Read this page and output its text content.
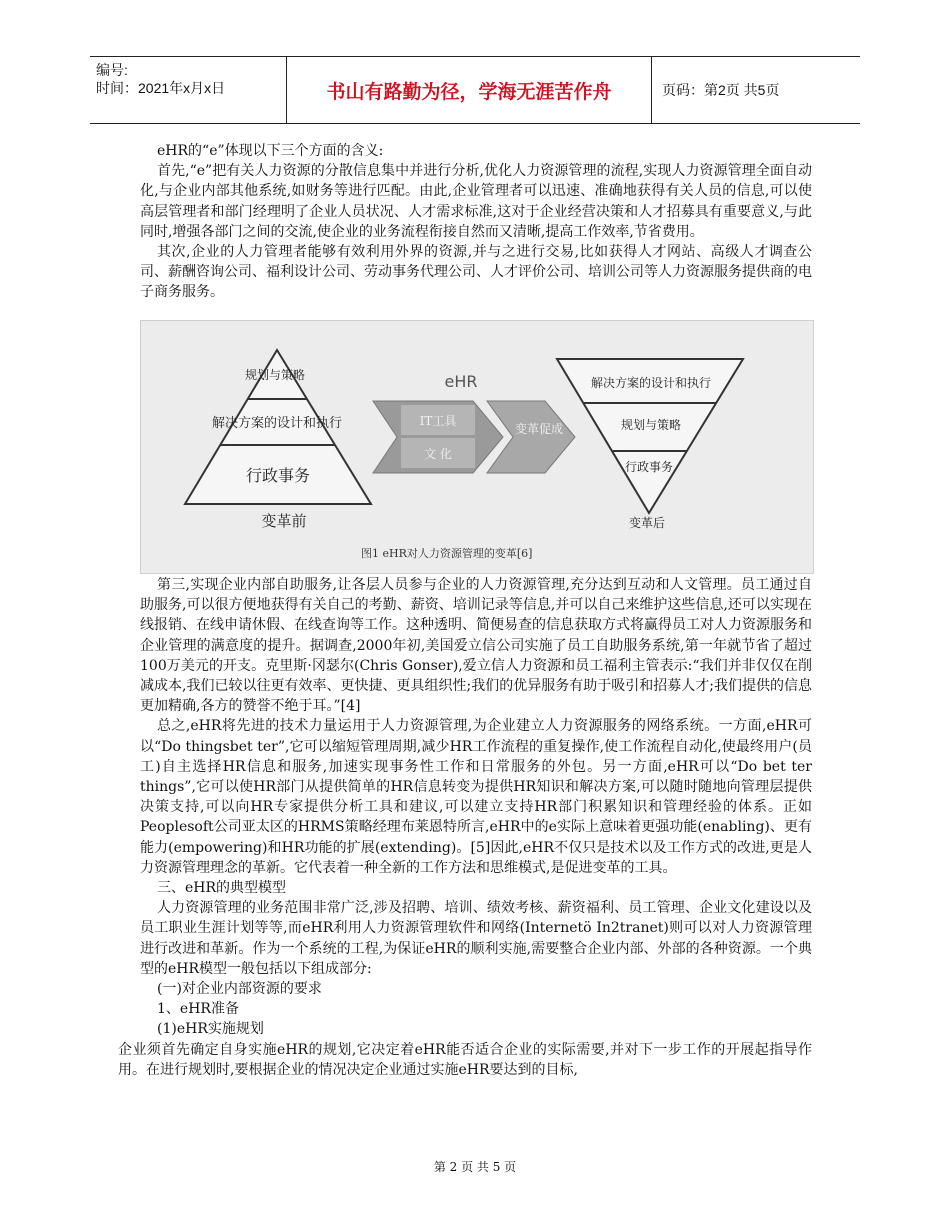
编号:
时间：2021年x月x日	书山有路勤为径，学海无涯苦作舟	页码：第2页 共5页

eHR的“e”体现以下三个方面的含义:

首先,“e”把有关人力资源的分散信息集中并进行分析,优化人力资源管理的流程,实现人力资源管理全面自动化,与企业内部其他系统,如财务等进行匹配。由此,企业管理者可以迅速、准确地获得有关人员的信息,可以使高层管理者和部门经理明了企业人员状况、人才需求标准,这对于企业经营决策和人才招募具有重要意义,与此同时,增强各部门之间的交流,使企业的业务流程衔接自然而又清晰,提高工作效率,节省费用。

其次,企业的人力管理者能够有效利用外界的资源,并与之进行交易,比如获得人才网站、高级人才调查公司、薪酬咨询公司、福利设计公司、劳动事务代理公司、人才评价公司、培训公司等人力资源服务提供商的电子商务服务。

规划与策略
解决方案的设计和执行
行政事务
变革前
eHR
IT工具
文 化
变革促成
解决方案的设计和执行
规划与策略
行政事务
变革后
图1 eHR对人力资源管理的变革[6]

第三,实现企业内部自助服务,让各层人员参与企业的人力资源管理,充分达到互动和人文管理。员工通过自助服务,可以很方便地获得有关自己的考勤、薪资、培训记录等信息,并可以自己来维护这些信息,还可以实现在线报销、在线申请休假、在线查询等工作。这种透明、简便易查的信息获取方式将赢得员工对人力资源服务和企业管理的满意度的提升。据调查,2000年初,美国爱立信公司实施了员工自助服务系统,第一年就节省了超过100万美元的开支。克里斯·冈瑟尔(Chris Gonser),爱立信人力资源和员工福利主管表示:“我们并非仅仅在削减成本,我们已较以往更有效率、更快捷、更具组织性;我们的优异服务有助于吸引和招募人才;我们提供的信息更加精确,各方的赞誉不绝于耳。”[4]

总之,eHR将先进的技术力量运用于人力资源管理,为企业建立人力资源服务的网络系统。一方面,eHR可以“Do thingsbet ter”,它可以缩短管理周期,减少HR工作流程的重复操作,使工作流程自动化,使最终用户(员工)自主选择HR信息和服务,加速实现事务性工作和日常服务的外包。另一方面,eHR可以“Do bet ter things”,它可以使HR部门从提供简单的HR信息转变为提供HR知识和解决方案,可以随时随地向管理层提供决策支持,可以向HR专家提供分析工具和建议,可以建立支持HR部门积累知识和管理经验的体系。正如Peoplesoft公司亚太区的HRMS策略经理布莱恩特所言,eHR中的e实际上意味着更强功能(enabling)、更有能力(empowering)和HR功能的扩展(extending)。[5]因此,eHR不仅只是技术以及工作方式的改进,更是人力资源管理理念的革新。它代表着一种全新的工作方法和思维模式,是促进变革的工具。

三、eHR的典型模型

人力资源管理的业务范围非常广泛,涉及招聘、培训、绩效考核、薪资福利、员工管理、企业文化建设以及员工职业生涯计划等等,而eHR利用人力资源管理软件和网络(Internetö In2tranet)则可以对人力资源管理进行改进和革新。作为一个系统的工程,为保证eHR的顺利实施,需要整合企业内部、外部的各种资源。一个典型的eHR模型一般包括以下组成部分:

(一)对企业内部资源的要求

1、eHR准备

(1)eHR实施规划

企业须首先确定自身实施eHR的规划,它决定着eHR能否适合企业的实际需要,并对下一步工作的开展起指导作用。在进行规划时,要根据企业的情况决定企业通过实施eHR要达到的目标,

第 2 页 共 5 页
